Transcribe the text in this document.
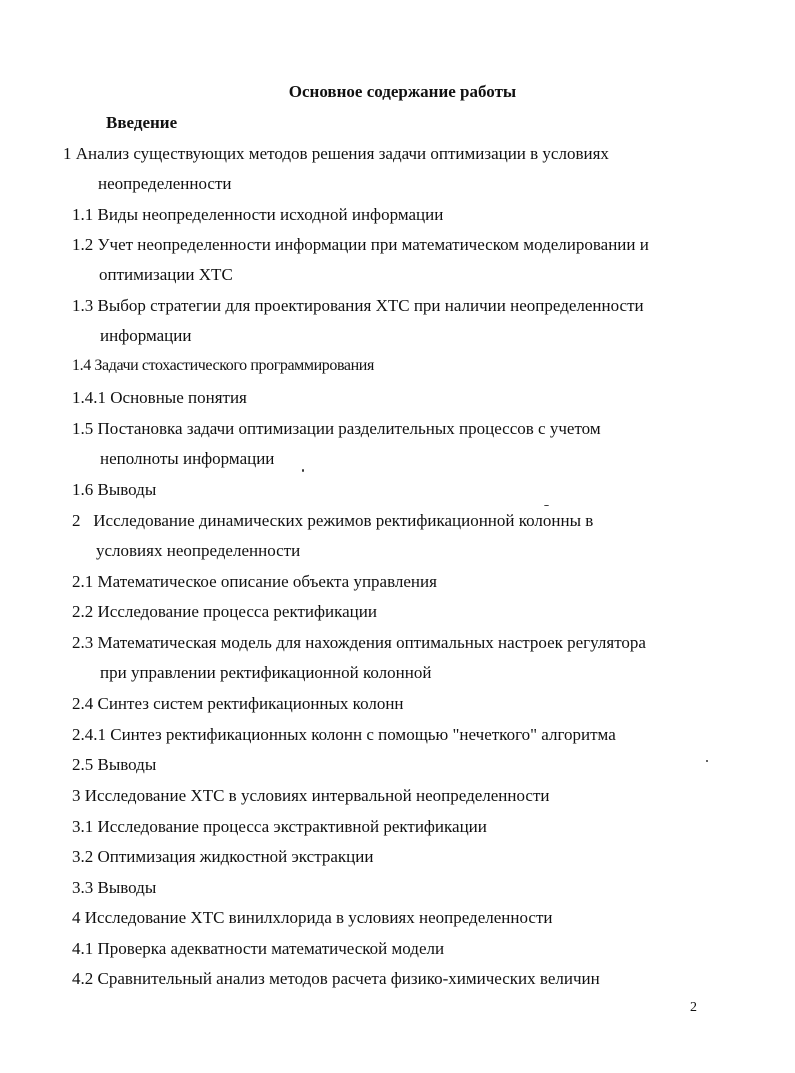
Основное содержание работы
Введение
1 Анализ существующих методов решения задачи оптимизации в условиях
неопределенности
1.1 Виды неопределенности исходной информации
1.2 Учет неопределенности информации при математическом моделировании и
оптимизации ХТС
1.3 Выбор стратегии для проектирования ХТС при наличии неопределенности
информации
1.4 Задачи стохастического программирования
1.4.1 Основные понятия
1.5 Постановка задачи оптимизации разделительных процессов с учетом
неполноты информации
1.6 Выводы
2   Исследование динамических режимов ректификационной колонны в
условиях неопределенности
2.1 Математическое описание объекта управления
2.2 Исследование процесса ректификации
2.3 Математическая модель для нахождения оптимальных настроек регулятора
при управлении ректификационной колонной
2.4 Синтез систем ректификационных колонн
2.4.1 Синтез ректификационных колонн с помощью "нечеткого" алгоритма
2.5 Выводы
3 Исследование ХТС в условиях интервальной неопределенности
3.1 Исследование процесса экстрактивной ректификации
3.2 Оптимизация жидкостной экстракции
3.3 Выводы
4 Исследование ХТС винилхлорида в условиях неопределенности
4.1 Проверка адекватности математической модели
4.2 Сравнительный анализ методов расчета физико-химических величин
2
